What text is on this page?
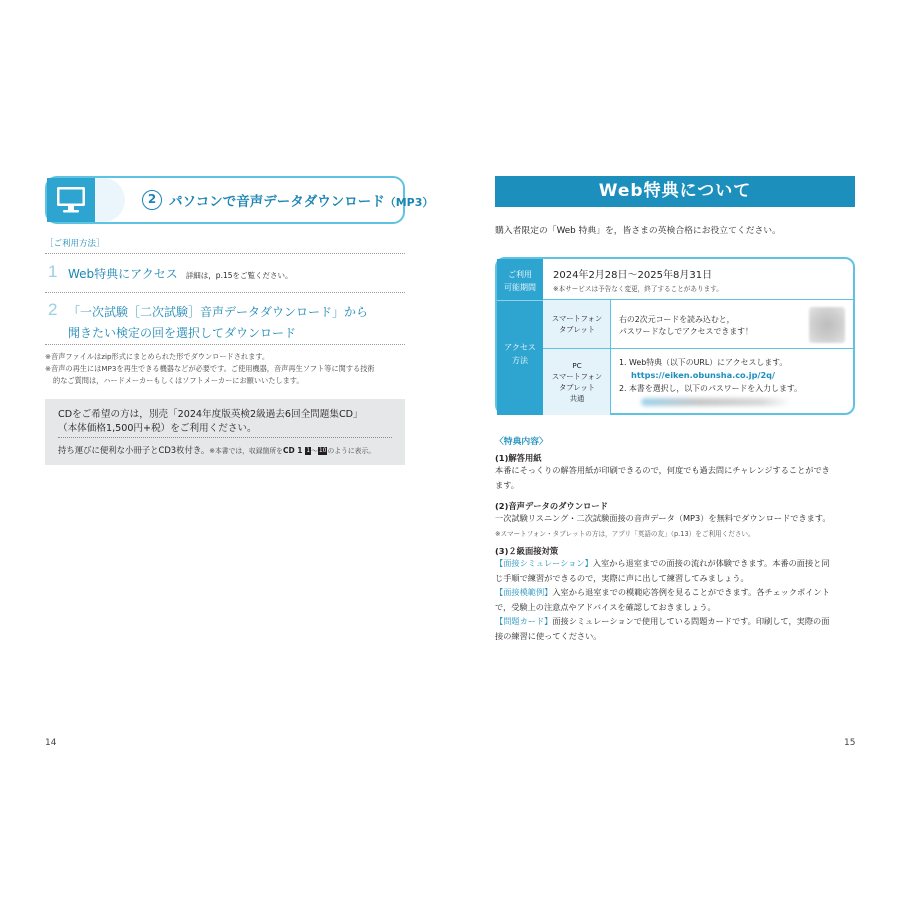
2 パソコンで音声データダウンロード（MP3）
［ご利用方法］
1 Web特典にアクセス 詳細は，p.15をご覧ください。
2 「一次試験［二次試験］音声データダウンロード」から
聞きたい検定の回を選択してダウンロード

※音声ファイルはzip形式にまとめられた形でダウンロードされます。

※音声の再生にはMP3を再生できる機器などが必要です。ご使用機器，音声再生ソフト等に関する技術

的なご質問は，ハードメーカーもしくはソフトメーカーにお願いいたします。

CDをご希望の方は，別売「2024年度版英検2級過去6回全問題集CD」
（本体価格1,500円+税）をご利用ください。
持ち運びに便利な小冊子とCD3枚付き。※本書では，収録箇所をCD 1 1～10のように表示。
14
Web特典について
購入者限定の「Web 特典」を，皆さまの英検合格にお役立てください。
ご利用
可能期間
アクセス
方法
2024年2月28日～2025年8月31日
※本サービスは予告なく変更，終了することがあります。
スマートフォン
タブレット
右の2次元コードを読み込むと，
パスワードなしでアクセスできます！
PC
スマートフォン
タブレット
共通
1. Web特典（以下のURL）にアクセスします。
https://eiken.obunsha.co.jp/2q/
2. 本書を選択し，以下のパスワードを入力します。
〈特典内容〉
(1)解答用紙
本番にそっくりの解答用紙が印刷できるので，何度でも過去問にチャレンジすることができ
ます。
(2)音声データのダウンロード
一次試験リスニング・二次試験面接の音声データ（MP3）を無料でダウンロードできます。
※スマートフォン・タブレットの方は，アプリ「英語の友」（p.13）をご利用ください。
(3)２級面接対策
【面接シミュレーション】入室から退室までの面接の流れが体験できます。本番の面接と同
じ手順で練習ができるので，実際に声に出して練習してみましょう。
【面接模範例】入室から退室までの模範応答例を見ることができます。各チェックポイント
で，受験上の注意点やアドバイスを確認しておきましょう。
【問題カード】面接シミュレーションで使用している問題カードです。印刷して，実際の面
接の練習に使ってください。
15
